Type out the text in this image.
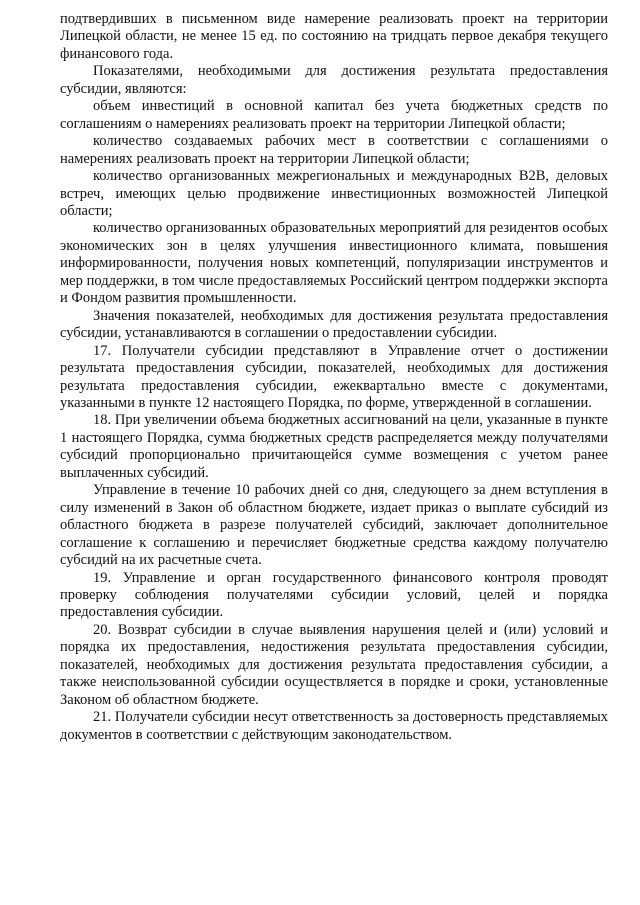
подтвердивших в письменном виде намерение реализовать проект на территории Липецкой области, не менее 15 ед. по состоянию на тридцать первое декабря текущего финансового года.

Показателями, необходимыми для достижения результата предоставления субсидии, являются:

объем инвестиций в основной капитал без учета бюджетных средств по соглашениям о намерениях реализовать проект на территории Липецкой области;

количество создаваемых рабочих мест в соответствии с соглашениями о намерениях реализовать проект на территории Липецкой области;

количество организованных межрегиональных и международных B2B, деловых встреч, имеющих целью продвижение инвестиционных возможностей Липецкой области;

количество организованных образовательных мероприятий для резидентов особых экономических зон в целях улучшения инвестиционного климата, повышения информированности, получения новых компетенций, популяризации инструментов и мер поддержки, в том числе предоставляемых Российский центром поддержки экспорта и Фондом развития промышленности.

Значения показателей, необходимых для достижения результата предоставления субсидии, устанавливаются в соглашении о предоставлении субсидии.

17. Получатели субсидии представляют в Управление отчет о достижении результата предоставления субсидии, показателей, необходимых для достижения результата предоставления субсидии, ежеквартально вместе с документами, указанными в пункте 12 настоящего Порядка, по форме, утвержденной в соглашении.

18. При увеличении объема бюджетных ассигнований на цели, указанные в пункте 1 настоящего Порядка, сумма бюджетных средств распределяется между получателями субсидий пропорционально причитающейся сумме возмещения с учетом ранее выплаченных субсидий.

Управление в течение 10 рабочих дней со дня, следующего за днем вступления в силу изменений в Закон об областном бюджете, издает приказ о выплате субсидий из областного бюджета в разрезе получателей субсидий, заключает дополнительное соглашение к соглашению и перечисляет бюджетные средства каждому получателю субсидий на их расчетные счета.

19. Управление и орган государственного финансового контроля проводят проверку соблюдения получателями субсидии условий, целей и порядка предоставления субсидии.

20. Возврат субсидии в случае выявления нарушения целей и (или) условий и порядка их предоставления, недостижения результата предоставления субсидии, показателей, необходимых для достижения результата предоставления субсидии, а также неиспользованной субсидии осуществляется в порядке и сроки, установленные Законом об областном бюджете.

21. Получатели субсидии несут ответственность за достоверность представляемых документов в соответствии с действующим законодательством.
